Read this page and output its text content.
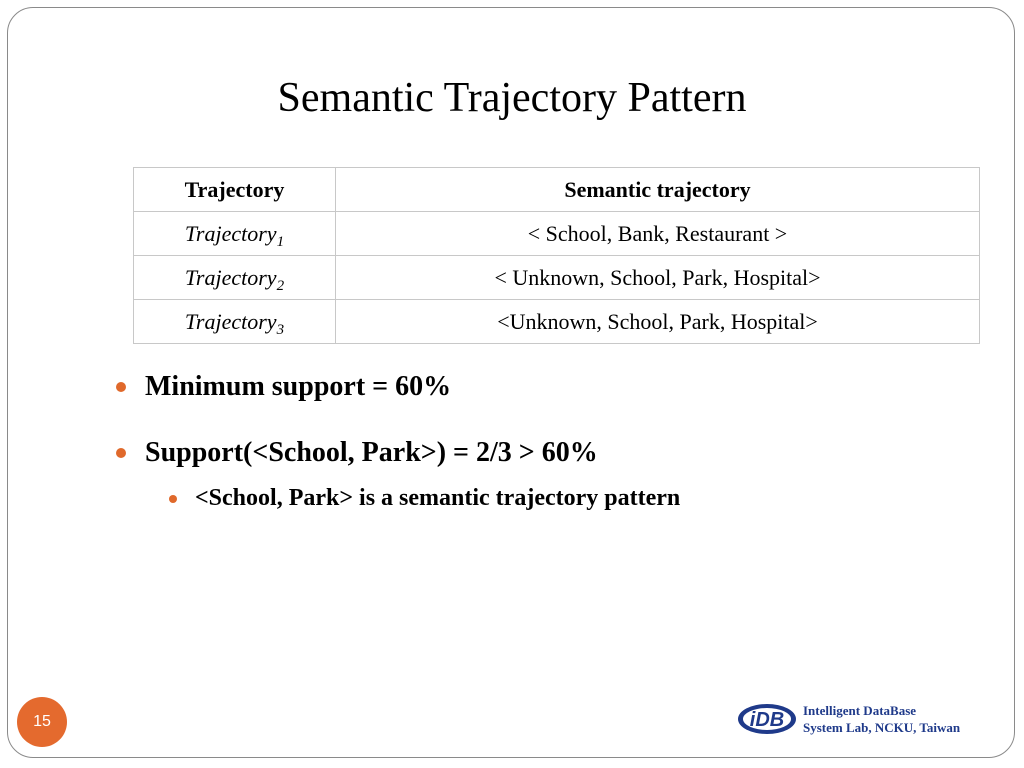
Semantic Trajectory Pattern
Trajectory	Semantic trajectory
Trajectory$_1$	< School, Bank, Restaurant >
Trajectory$_2$	< Unknown, School, Park, Hospital>
Trajectory$_3$	<Unknown, School, Park, Hospital>
Minimum support = 60%
Support(<School, Park>) = 2/3 > 60%
<School, Park> is a semantic trajectory pattern
15	iDB Intelligent DataBase
System Lab, NCKU, Taiwan
